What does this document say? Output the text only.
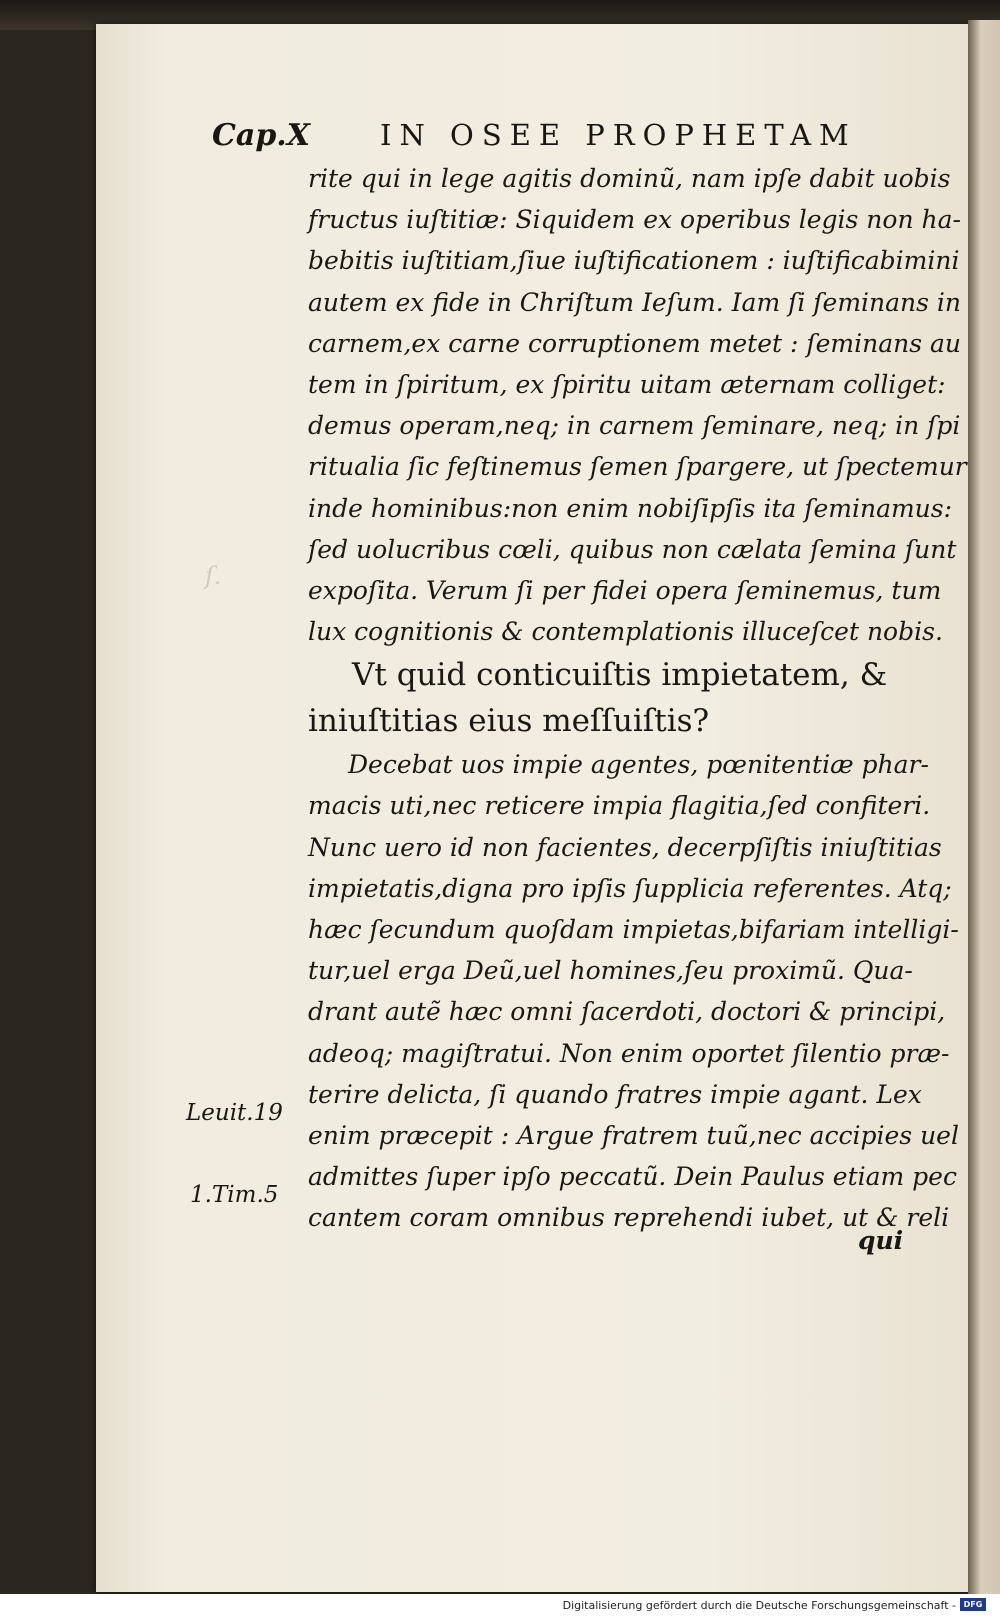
Cap.X IN OSEE PROPHETAM
ſ.
rite qui in lege agitis dominũ, nam ipſe dabit uobis
fructus iuſtitiæ: Siquidem ex operibus legis non ha-
bebitis iuſtitiam,ſiue iuſtificationem : iuſtificabimini
autem ex fide in Chriſtum Ieſum. Iam ſi ſeminans in
carnem,ex carne corruptionem metet : ſeminans au
tem in ſpiritum, ex ſpiritu uitam æternam colliget:
demus operam,neq; in carnem ſeminare, neq; in ſpi
ritualia ſic feſtinemus ſemen ſpargere, ut ſpectemur
inde hominibus:non enim nobiſipſis ita ſeminamus:
ſed uolucribus cœli, quibus non cælata ſemina ſunt
expoſita. Verum ſi per fidei opera ſeminemus, tum
lux cognitionis & contemplationis illuceſcet nobis.
Vt quid conticuiſtis impietatem, &
iniuſtitias eius meſſuiſtis?
Decebat uos impie agentes, pœnitentiæ phar-
macis uti,nec reticere impia flagitia,ſed confiteri.
Nunc uero id non facientes, decerpſiſtis iniuſtitias
impietatis,digna pro ipſis ſupplicia referentes. Atq;
hæc ſecundum quoſdam impietas,bifariam intelligi-
tur,uel erga Deũ,uel homines,ſeu proximũ. Qua-
drant autẽ hæc omni ſacerdoti, doctori & principi,
adeoq; magiſtratui. Non enim oportet ſilentio præ-
terire delicta, ſi quando fratres impie agant. Lex
enim præcepit : Argue fratrem tuũ,nec accipies uel
admittes ſuper ipſo peccatũ. Dein Paulus etiam pec
cantem coram omnibus reprehendi iubet, ut & reli
qui
Leuit.19
1.Tim.5
Digitalisierung gefördert durch die Deutsche Forschungsgemeinschaft - DFG
